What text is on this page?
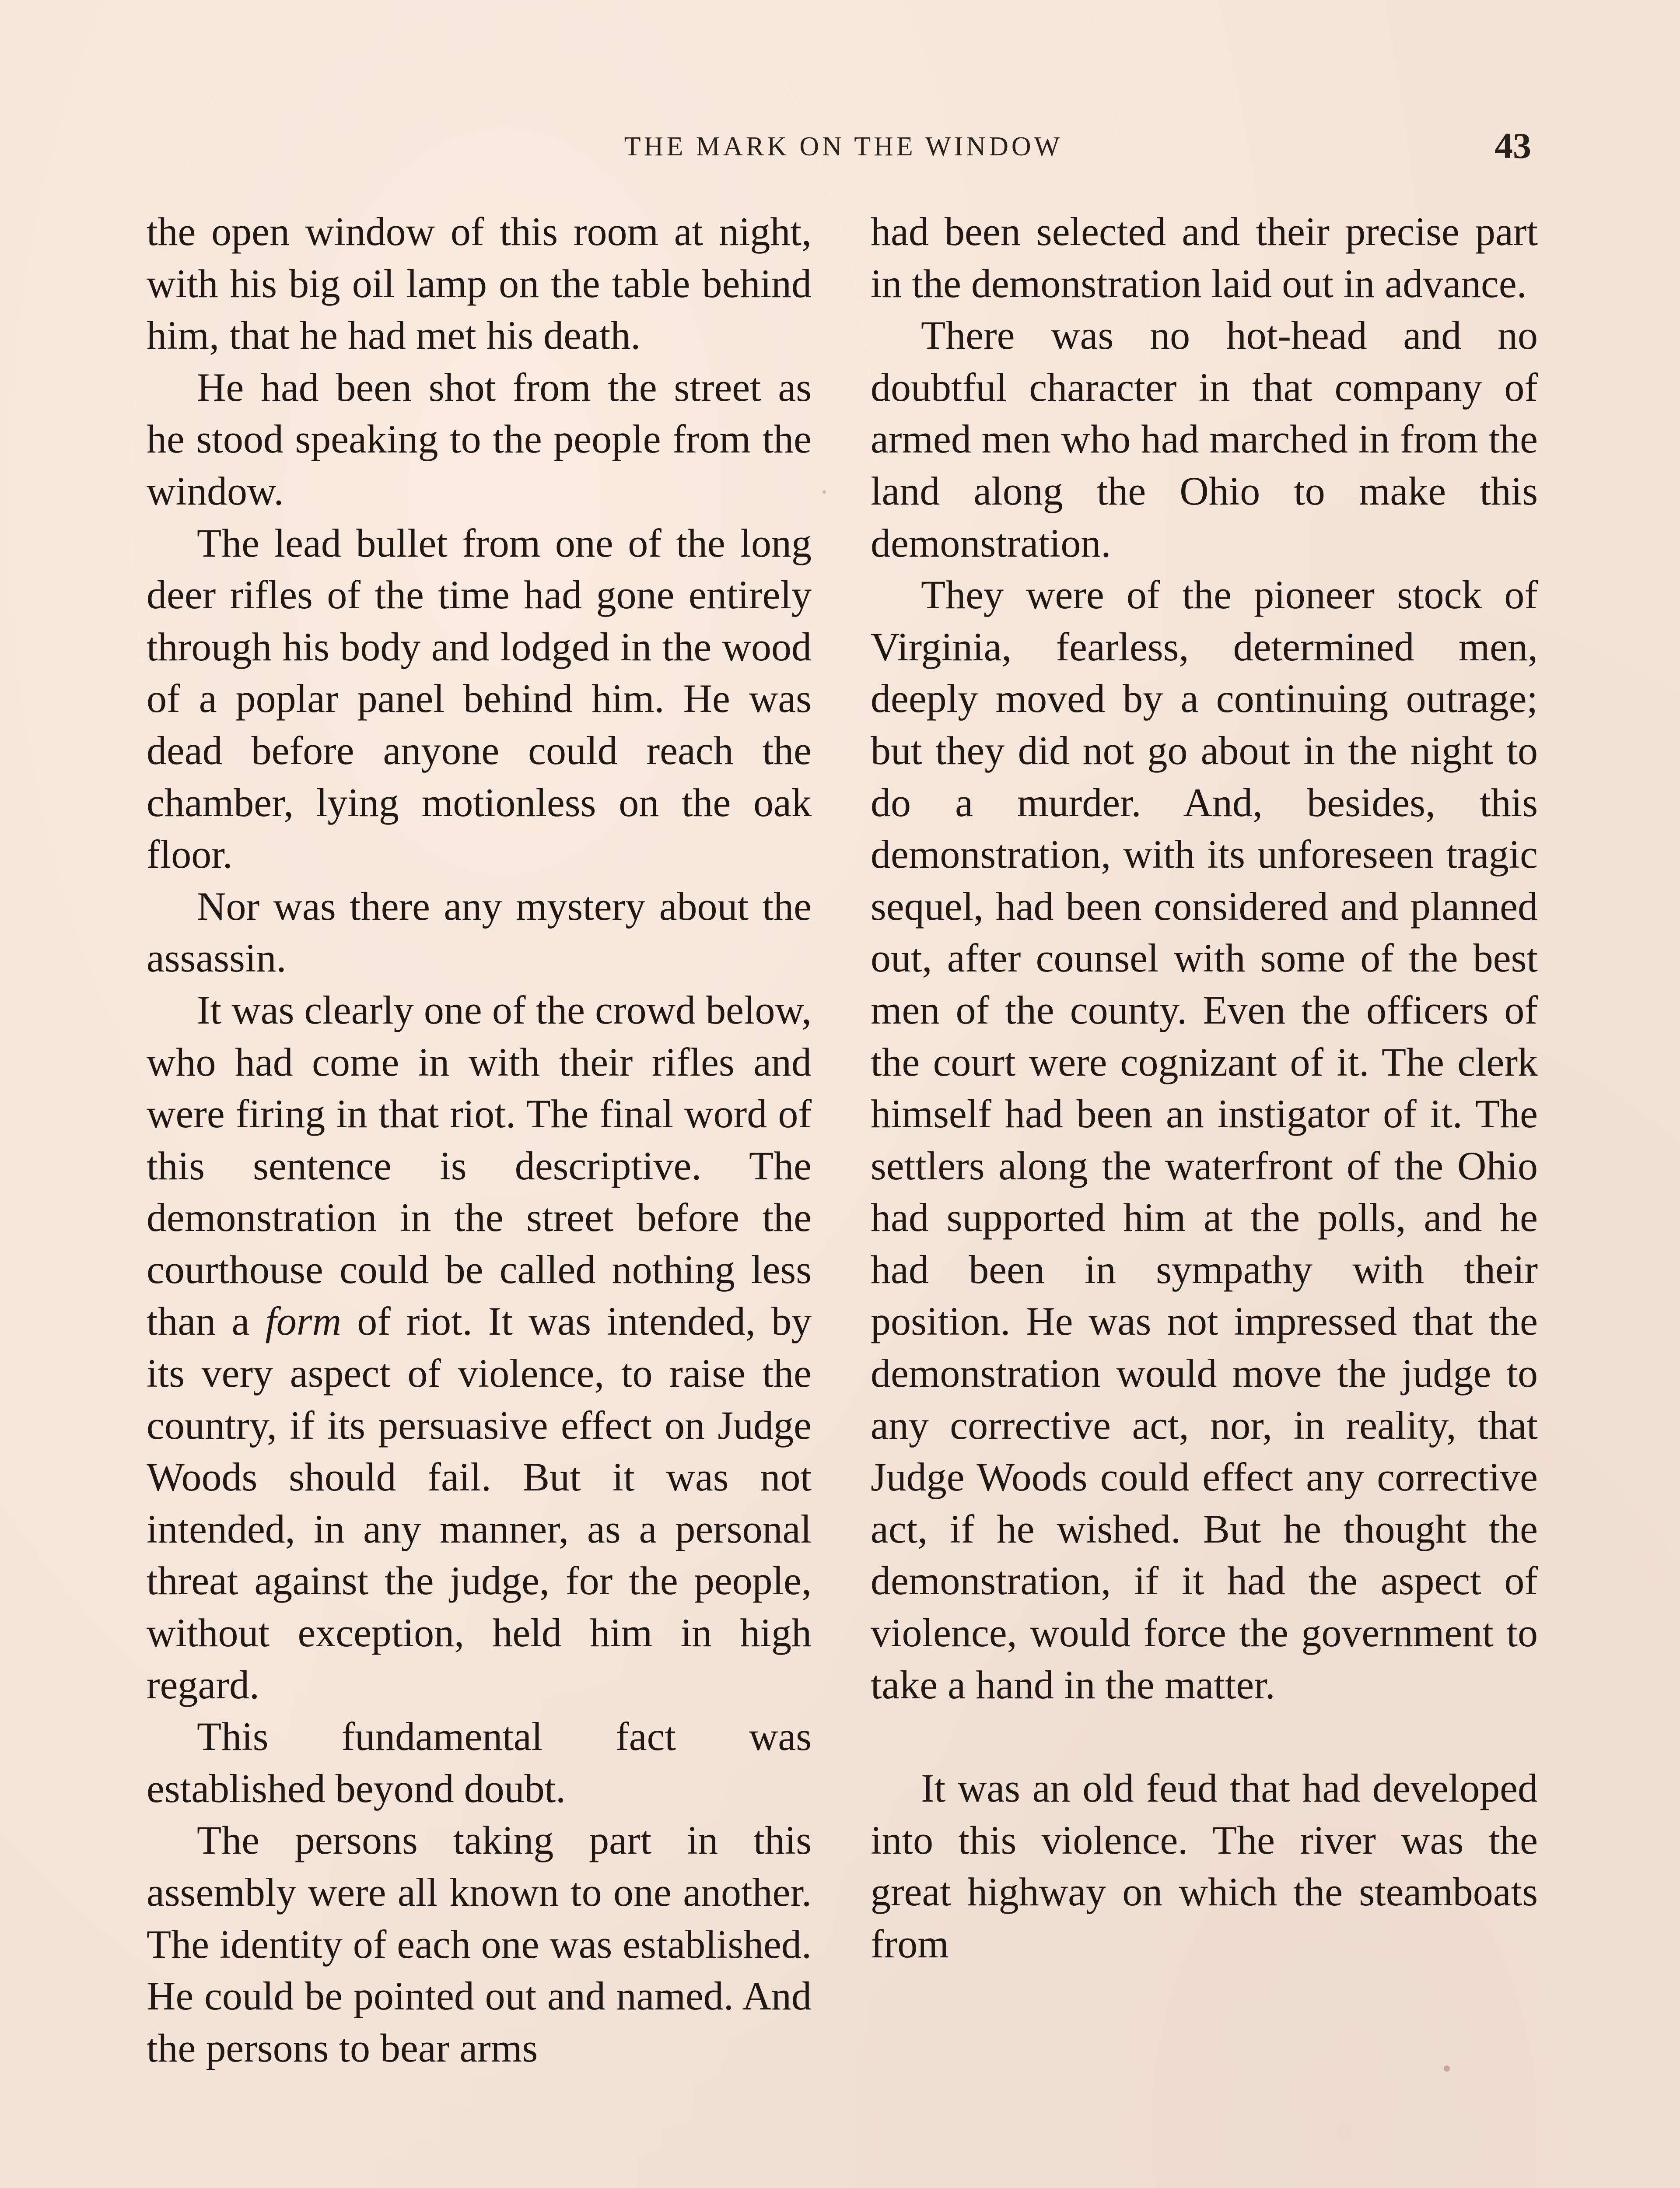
THE MARK ON THE WINDOW	43

the open window of this room at night, with his big oil lamp on the table behind him, that he had met his death.

He had been shot from the street as he stood speaking to the people from the window.

The lead bullet from one of the long deer rifles of the time had gone entirely through his body and lodged in the wood of a poplar panel behind him. He was dead before anyone could reach the chamber, lying motionless on the oak floor.

Nor was there any mystery about the assassin.

It was clearly one of the crowd below, who had come in with their rifles and were firing in that riot. The final word of this sentence is descriptive. The demonstration in the street before the courthouse could be called nothing less than a form of riot. It was intended, by its very aspect of violence, to raise the country, if its persuasive effect on Judge Woods should fail. But it was not intended, in any manner, as a personal threat against the judge, for the people, without exception, held him in high regard.

This fundamental fact was established beyond doubt.

The persons taking part in this assembly were all known to one another. The identity of each one was established. He could be pointed out and named. And the persons to bear arms

had been selected and their precise part in the demonstration laid out in advance.

There was no hot-head and no doubtful character in that company of armed men who had marched in from the land along the Ohio to make this demonstration.

They were of the pioneer stock of Virginia, fearless, determined men, deeply moved by a continuing outrage; but they did not go about in the night to do a murder. And, besides, this demonstration, with its unforeseen tragic sequel, had been considered and planned out, after counsel with some of the best men of the county. Even the officers of the court were cognizant of it. The clerk himself had been an instigator of it. The settlers along the waterfront of the Ohio had supported him at the polls, and he had been in sympathy with their position. He was not impressed that the demonstration would move the judge to any corrective act, nor, in reality, that Judge Woods could effect any corrective act, if he wished. But he thought the demonstration, if it had the aspect of violence, would force the government to take a hand in the matter.

It was an old feud that had developed into this violence. The river was the great highway on which the steamboats from
